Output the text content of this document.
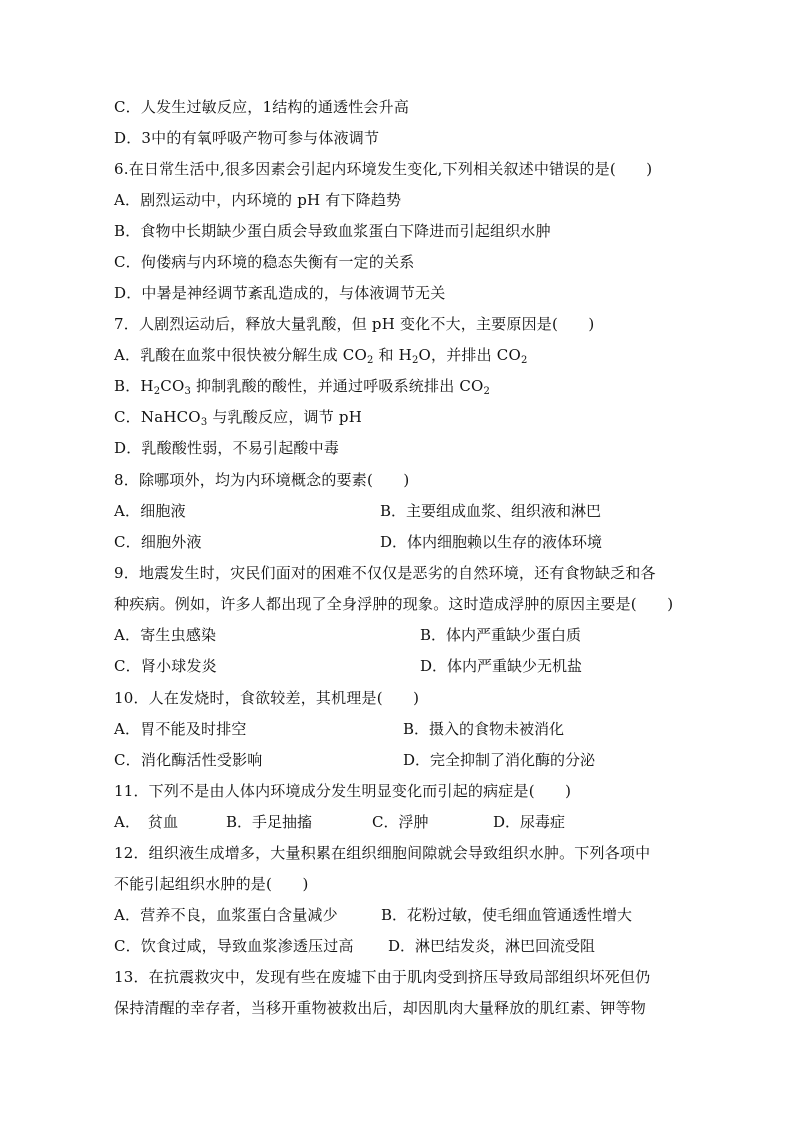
C．人发生过敏反应，1结构的通透性会升高
D．3中的有氧呼吸产物可参与体液调节
6.在日常生活中,很多因素会引起内环境发生变化,下列相关叙述中错误的是(　　)
A．剧烈运动中，内环境的 pH 有下降趋势
B．食物中长期缺少蛋白质会导致血浆蛋白下降进而引起组织水肿
C．佝偻病与内环境的稳态失衡有一定的关系
D．中暑是神经调节紊乱造成的，与体液调节无关
7．人剧烈运动后，释放大量乳酸，但 pH 变化不大，主要原因是(　　)
A．乳酸在血浆中很快被分解生成 $CO_2$ 和 $H_2O$，并排出 $CO_2$
B．$H_2CO_3$ 抑制乳酸的酸性，并通过呼吸系统排出 $CO_2$
C．NaHCO$_3$ 与乳酸反应，调节 pH
D．乳酸酸性弱，不易引起酸中毒
8．除哪项外，均为内环境概念的要素(　　)
A．细胞液	B．主要组成血浆、组织液和淋巴
C．细胞外液	D．体内细胞赖以生存的液体环境
9．地震发生时，灾民们面对的困难不仅仅是恶劣的自然环境，还有食物缺乏和各
种疾病。例如，许多人都出现了全身浮肿的现象。这时造成浮肿的原因主要是(　　)
A．寄生虫感染	B．体内严重缺少蛋白质
C．肾小球发炎	D．体内严重缺少无机盐
10．人在发烧时，食欲较差，其机理是(　　)
A．胃不能及时排空	B．摄入的食物未被消化
C．消化酶活性受影响	D．完全抑制了消化酶的分泌
11．下列不是由人体内环境成分发生明显变化而引起的病症是(　　)
A．　贫血	B．手足抽搐	C．浮肿	D．尿毒症
12．组织液生成增多，大量积累在组织细胞间隙就会导致组织水肿。下列各项中
不能引起组织水肿的是(　　)
A．营养不良，血浆蛋白含量减少	B．花粉过敏，使毛细血管通透性增大
C．饮食过咸，导致血浆渗透压过高 D．淋巴结发炎，淋巴回流受阻
13．在抗震救灾中，发现有些在废墟下由于肌肉受到挤压导致局部组织坏死但仍
保持清醒的幸存者，当移开重物被救出后，却因肌肉大量释放的肌红素、钾等物
